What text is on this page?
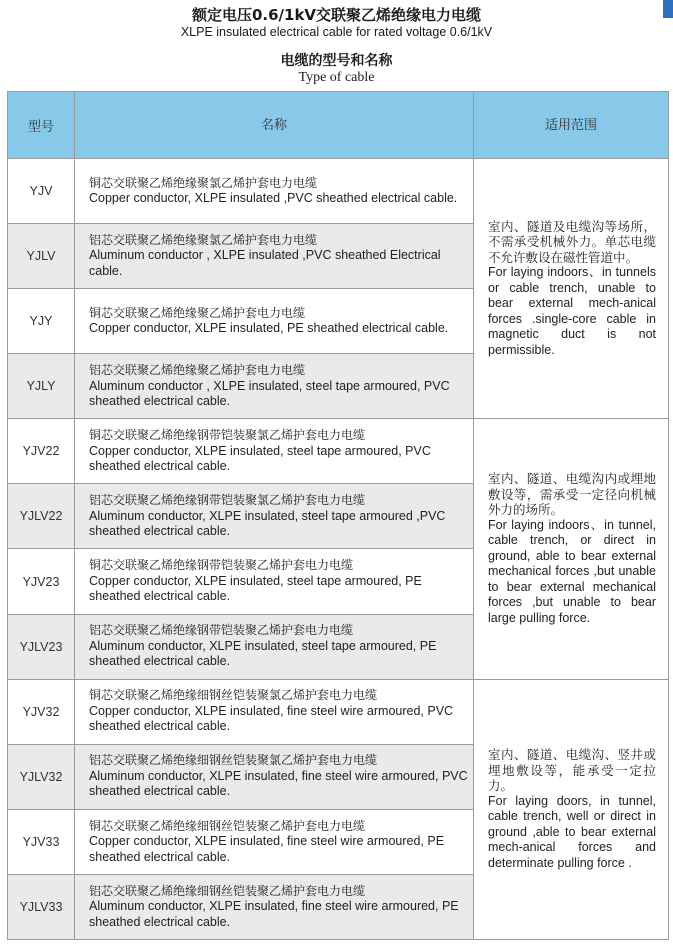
额定电压0.6/1kV交联聚乙烯绝缘电力电缆
XLPE insulated electrical cable for rated voltage 0.6/1kV
电缆的型号和名称
Type of cable
型号	名称	适用范围
YJV	铜芯交联聚乙烯绝缘聚氯乙烯护套电力电缆
Copper conductor, XLPE insulated ,PVC sheathed electrical cable.	室内、隧道及电缆沟等场所，不需承受机械外力。单芯电缆不允许敷设在磁性管道中。
For laying indoors、in tunnels or cable trench, unable to bear external mech-anical forces .single-core cable in magnetic duct is not permissible.

YJLV	铝芯交联聚乙烯绝缘聚氯乙烯护套电力电缆
Aluminum conductor , XLPE insulated ,PVC sheathed Electrical cable.	

YJY	铜芯交联聚乙烯绝缘聚乙烯护套电力电缆
Copper conductor, XLPE insulated, PE sheathed electrical cable.	

YJLY	铝芯交联聚乙烯绝缘聚乙烯护套电力电缆
Aluminum conductor , XLPE insulated, steel tape armoured, PVC sheathed electrical cable.	

YJV22	铜芯交联聚乙烯绝缘钢带铠装聚氯乙烯护套电力电缆
Copper conductor, XLPE insulated, steel tape armoured, PVC sheathed electrical cable.	室内、隧道、电缆沟内或埋地敷设等，需承受一定径向机械外力的场所。
For laying indoors、in tunnel, cable trench, or direct in ground, able to bear external mechanical forces ,but unable to bear external mechanical forces ,but unable to bear large pulling force.

YJLV22	铝芯交联聚乙烯绝缘钢带铠装聚氯乙烯护套电力电缆
Aluminum conductor, XLPE insulated, steel tape armoured ,PVC sheathed electrical cable.	

YJV23	铜芯交联聚乙烯绝缘钢带铠装聚乙烯护套电力电缆
Copper conductor, XLPE insulated, steel tape armoured, PE sheathed electrical cable.	

YJLV23	铝芯交联聚乙烯绝缘钢带铠装聚乙烯护套电力电缆
Aluminum conductor, XLPE insulated, steel tape armoured, PE sheathed electrical cable.	

YJV32	铜芯交联聚乙烯绝缘细钢丝铠装聚氯乙烯护套电力电缆
Copper conductor, XLPE insulated, fine steel wire armoured, PVC sheathed electrical cable.	室内、隧道、电缆沟、竖井或埋地敷设等，能承受一定拉力。
For laying doors, in tunnel, cable trench, well or direct in ground ,able to bear external mech-anical forces and determinate pulling force .

YJLV32	铝芯交联聚乙烯绝缘细钢丝铠装聚氯乙烯护套电力电缆
Aluminum conductor, XLPE insulated, fine steel wire armoured, PVC sheathed electrical cable.	

YJV33	铜芯交联聚乙烯绝缘细钢丝铠装聚乙烯护套电力电缆
Copper conductor, XLPE insulated, fine steel wire armoured, PE sheathed electrical cable.	

YJLV33	铝芯交联聚乙烯绝缘细钢丝铠装聚乙烯护套电力电缆
Aluminum conductor, XLPE insulated, fine steel wire armoured, PE sheathed electrical cable.	
